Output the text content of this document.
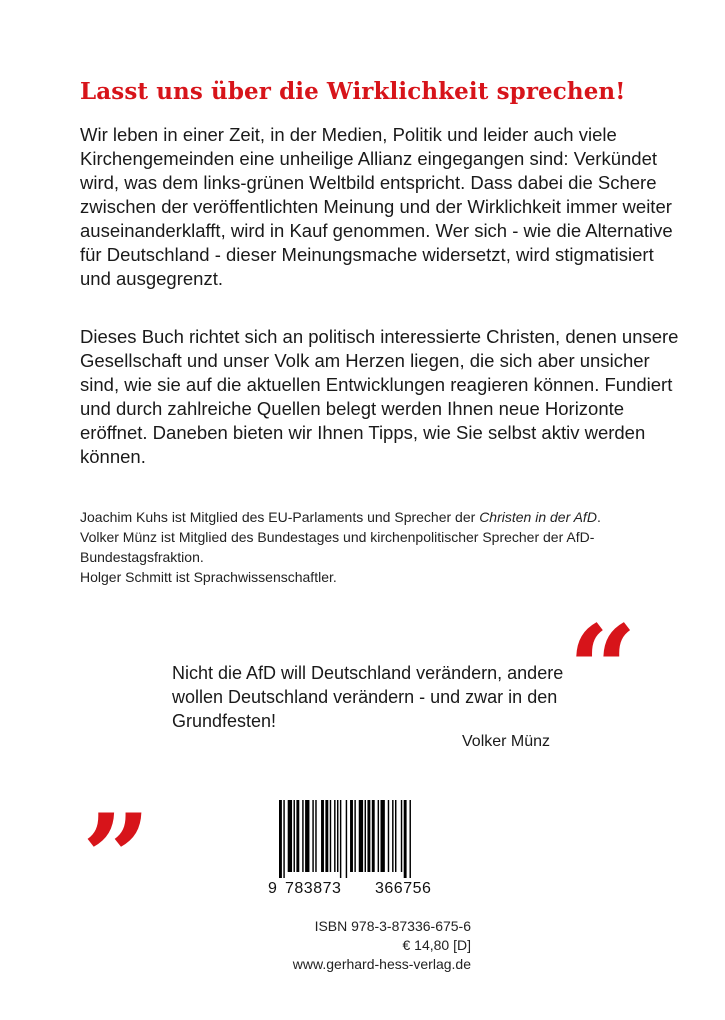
Lasst uns über die Wirklichkeit sprechen!

Wir leben in einer Zeit, in der Medien, Politik und leider auch viele Kirchengemeinden eine unheilige Allianz eingegangen sind: Verkündet wird, was dem links-grünen Weltbild entspricht. Dass dabei die Schere zwischen der veröffentlichten Meinung und der Wirklichkeit immer weiter auseinanderklafft, wird in Kauf genommen. Wer sich - wie die Alternative für Deutschland - dieser Meinungsmache widersetzt, wird stigmatisiert und ausgegrenzt.

Dieses Buch richtet sich an politisch interessierte Christen, denen unsere Gesellschaft und unser Volk am Herzen liegen, die sich aber unsicher sind, wie sie auf die aktuellen Entwicklungen reagieren können. Fundiert und durch zahlreiche Quellen belegt werden Ihnen neue Horizonte eröffnet. Daneben bieten wir Ihnen Tipps, wie Sie selbst aktiv werden können.

Joachim Kuhs ist Mitglied des EU-Parlaments und Sprecher der Christen in der AfD.
Volker Münz ist Mitglied des Bundestages und kirchenpolitischer Sprecher der AfD-Bundestagsfraktion.
Holger Schmitt ist Sprachwissenschaftler.
“
Nicht die AfD will Deutschland verändern, andere wollen Deutschland verändern - und zwar in den Grundfesten!
Volker Münz
„
9 783873 366756
ISBN 978-3-87336-675-6
€ 14,80 [D]
www.gerhard-hess-verlag.de
